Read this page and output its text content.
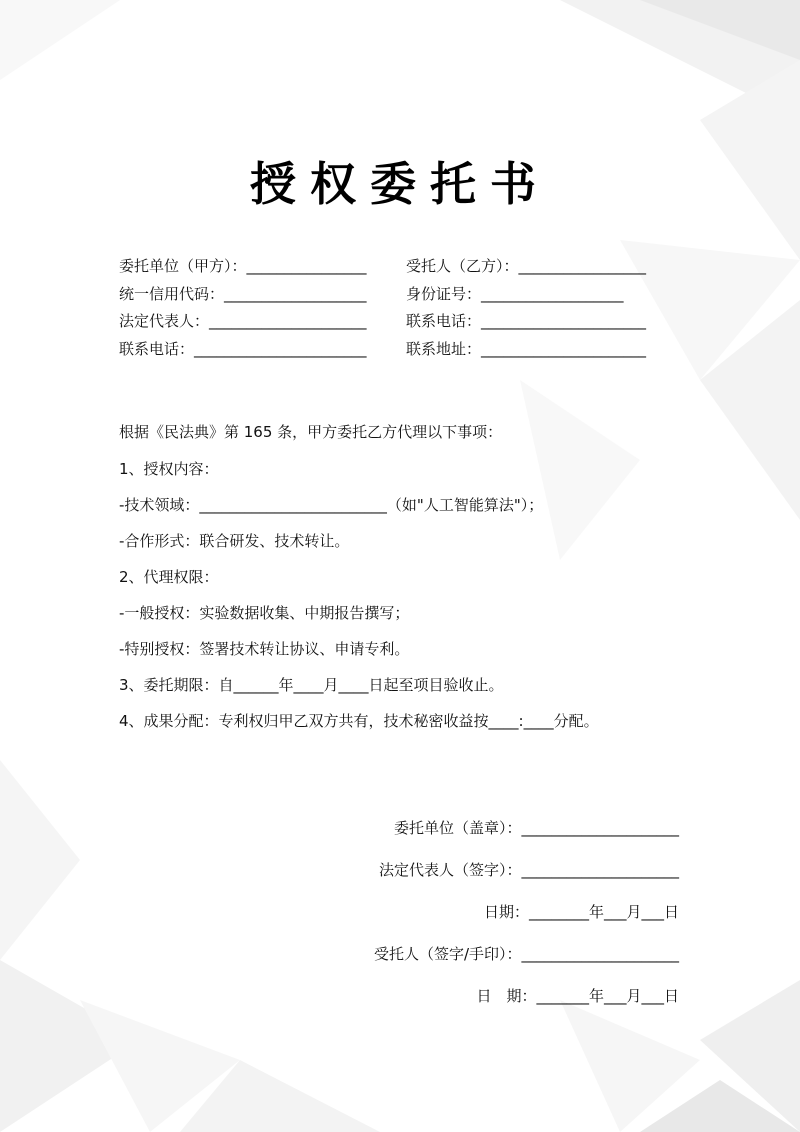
授权委托书
委托单位（甲方）：________________
统一信用代码：___________________
法定代表人：_____________________
联系电话：_______________________
受托人（乙方）：_________________
身份证号：___________________
联系电话：______________________
联系地址：______________________
根据《民法典》第 165 条，甲方委托乙方代理以下事项：
1、授权内容：
-技术领域：_________________________（如"人工智能算法"）；
-合作形式：联合研发、技术转让。
2、代理权限：
-一般授权：实验数据收集、中期报告撰写；
-特别授权：签署技术转让协议、申请专利。
3、委托期限：自______年____月____日起至项目验收止。
4、成果分配：专利权归甲乙双方共有，技术秘密收益按____:____分配。
委托单位（盖章）：_____________________
法定代表人（签字）：_____________________
日期：________年___月___日
受托人（签字/手印）：_____________________
日　期：_______年___月___日
